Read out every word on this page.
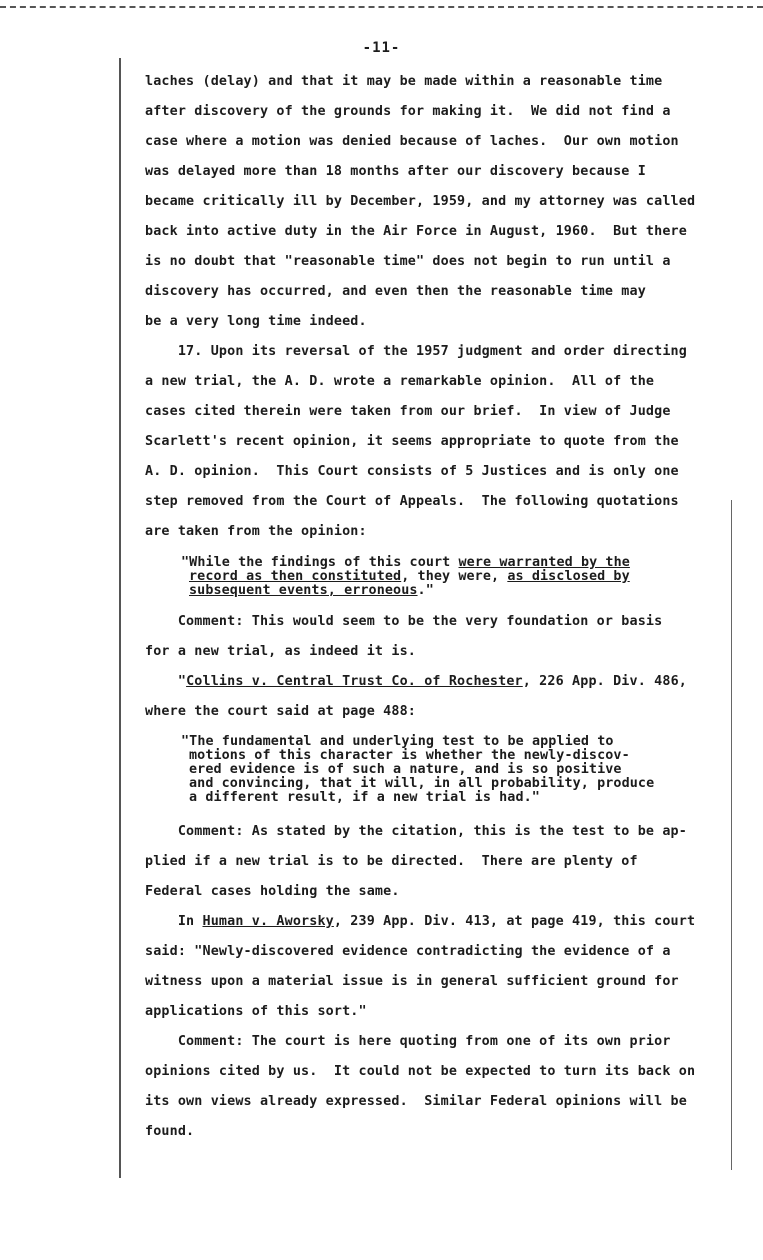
-11-
laches (delay) and that it may be made within a reasonable time
after discovery of the grounds for making it.  We did not find a
case where a motion was denied because of laches.  Our own motion
was delayed more than 18 months after our discovery because I
became critically ill by December, 1959, and my attorney was called
back into active duty in the Air Force in August, 1960.  But there
is no doubt that "reasonable time" does not begin to run until a
discovery has occurred, and even then the reasonable time may
be a very long time indeed.
17. Upon its reversal of the 1957 judgment and order directing
a new trial, the A. D. wrote a remarkable opinion.  All of the
cases cited therein were taken from our brief.  In view of Judge
Scarlett's recent opinion, it seems appropriate to quote from the
A. D. opinion.  This Court consists of 5 Justices and is only one
step removed from the Court of Appeals.  The following quotations
are taken from the opinion:
"While the findings of this court were warranted by the
record as then constituted, they were, as disclosed by
subsequent events, erroneous."
Comment: This would seem to be the very foundation or basis
for a new trial, as indeed it is.
"Collins v. Central Trust Co. of Rochester, 226 App. Div. 486,
where the court said at page 488:
"The fundamental and underlying test to be applied to
motions of this character is whether the newly-discov-
ered evidence is of such a nature, and is so positive
and convincing, that it will, in all probability, produce
a different result, if a new trial is had."
Comment: As stated by the citation, this is the test to be ap-
plied if a new trial is to be directed.  There are plenty of
Federal cases holding the same.
In Human v. Aworsky, 239 App. Div. 413, at page 419, this court
said: "Newly-discovered evidence contradicting the evidence of a
witness upon a material issue is in general sufficient ground for
applications of this sort."
Comment: The court is here quoting from one of its own prior
opinions cited by us.  It could not be expected to turn its back on
its own views already expressed.  Similar Federal opinions will be
found.
